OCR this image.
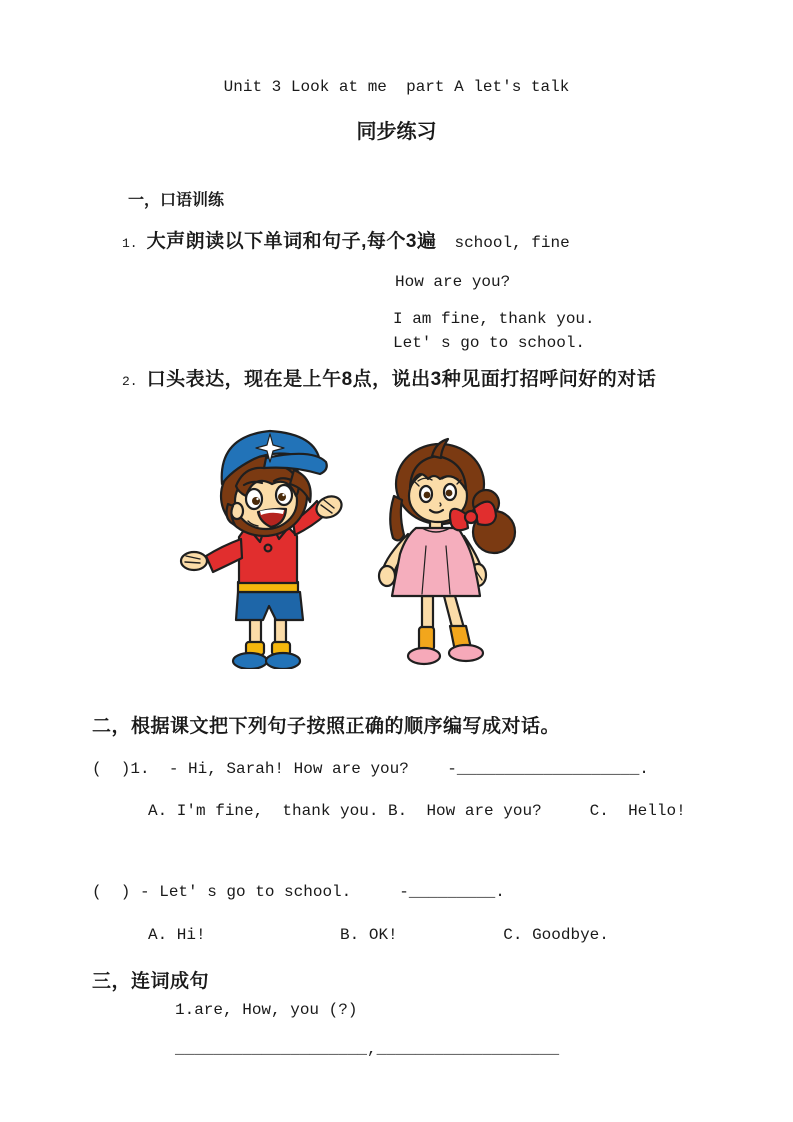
Unit 3 Look at me  part A let's talk
同步练习
一，口语训练
1. 大声朗读以下单词和句子,每个3遍 school, fine
How are you?
I am fine, thank you.
Let' s go to school.
2. 口头表达，现在是上午8点，说出3种见面打招呼问好的对话
二，根据课文把下列句子按照正确的顺序编写成对话。
(  )1.  - Hi, Sarah! How are you?    -___________________.
A. I'm fine,  thank you. B.  How are you?     C.  Hello!
(  ) - Let' s go to school.     -_________.
A. Hi!              B. OK!           C. Goodbye.
三，连词成句
1.are, How, you (?)
____________________,___________________
